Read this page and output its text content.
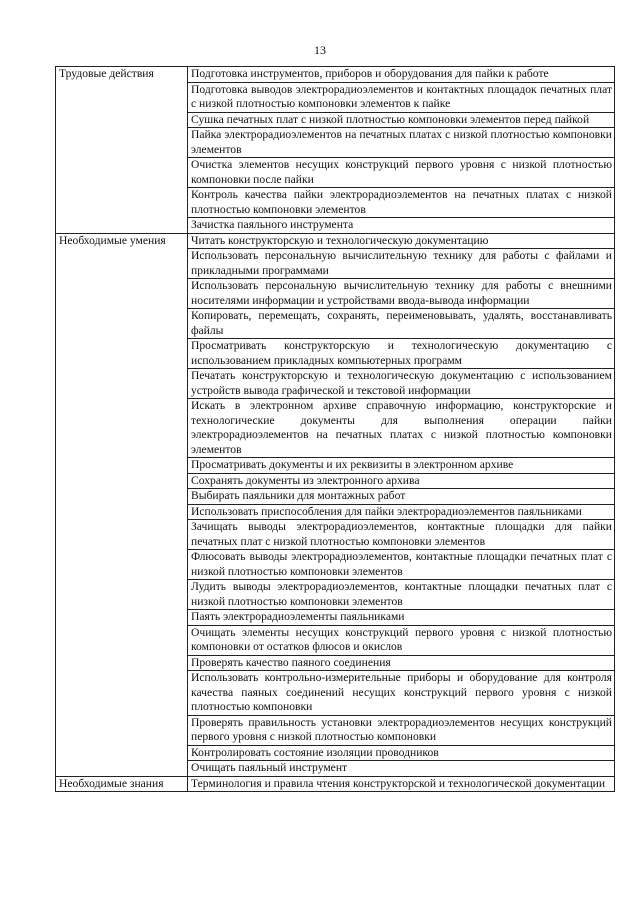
13
Трудовые действия	Подготовка инструментов, приборов и оборудования для пайки к работе
	Подготовка выводов электрорадиоэлементов и контактных площадок печатных плат с низкой плотностью компоновки элементов к пайке
	Сушка печатных плат с низкой плотностью компоновки элементов перед пайкой
	Пайка электрорадиоэлементов на печатных платах с низкой плотностью компоновки элементов
	Очистка элементов несущих конструкций первого уровня с низкой плотностью компоновки после пайки
	Контроль качества пайки электрорадиоэлементов на печатных платах с низкой плотностью компоновки элементов
	Зачистка паяльного инструмента
Необходимые умения	Читать конструкторскую и технологическую документацию
	Использовать персональную вычислительную технику для работы с файлами и прикладными программами
	Использовать персональную вычислительную технику для работы с внешними носителями информации и устройствами ввода-вывода информации
	Копировать, перемещать, сохранять, переименовывать, удалять, восстанавливать файлы
	Просматривать конструкторскую и технологическую документацию с использованием прикладных компьютерных программ
	Печатать конструкторскую и технологическую документацию с использованием устройств вывода графической и текстовой информации
	Искать в электронном архиве справочную информацию, конструкторские и технологические документы для выполнения операции пайки электрорадиоэлементов на печатных платах с низкой плотностью компоновки элементов
	Просматривать документы и их реквизиты в электронном архиве
	Сохранять документы из электронного архива
	Выбирать паяльники для монтажных работ
	Использовать приспособления для пайки электрорадиоэлементов паяльниками
	Зачищать выводы электрорадиоэлементов, контактные площадки для пайки печатных плат с низкой плотностью компоновки элементов
	Флюсовать выводы электрорадиоэлементов, контактные площадки печатных плат с низкой плотностью компоновки элементов
	Лудить выводы электрорадиоэлементов, контактные площадки печатных плат с низкой плотностью компоновки элементов
	Паять электрорадиоэлементы паяльниками
	Очищать элементы несущих конструкций первого уровня с низкой плотностью компоновки от остатков флюсов и окислов
	Проверять качество паяного соединения
	Использовать контрольно-измерительные приборы и оборудование для контроля качества паяных соединений несущих конструкций первого уровня с низкой плотностью компоновки
	Проверять правильность установки электрорадиоэлементов несущих конструкций первого уровня с низкой плотностью компоновки
	Контролировать состояние изоляции проводников
	Очищать паяльный инструмент
Необходимые знания	Терминология и правила чтения конструкторской и технологической документации
